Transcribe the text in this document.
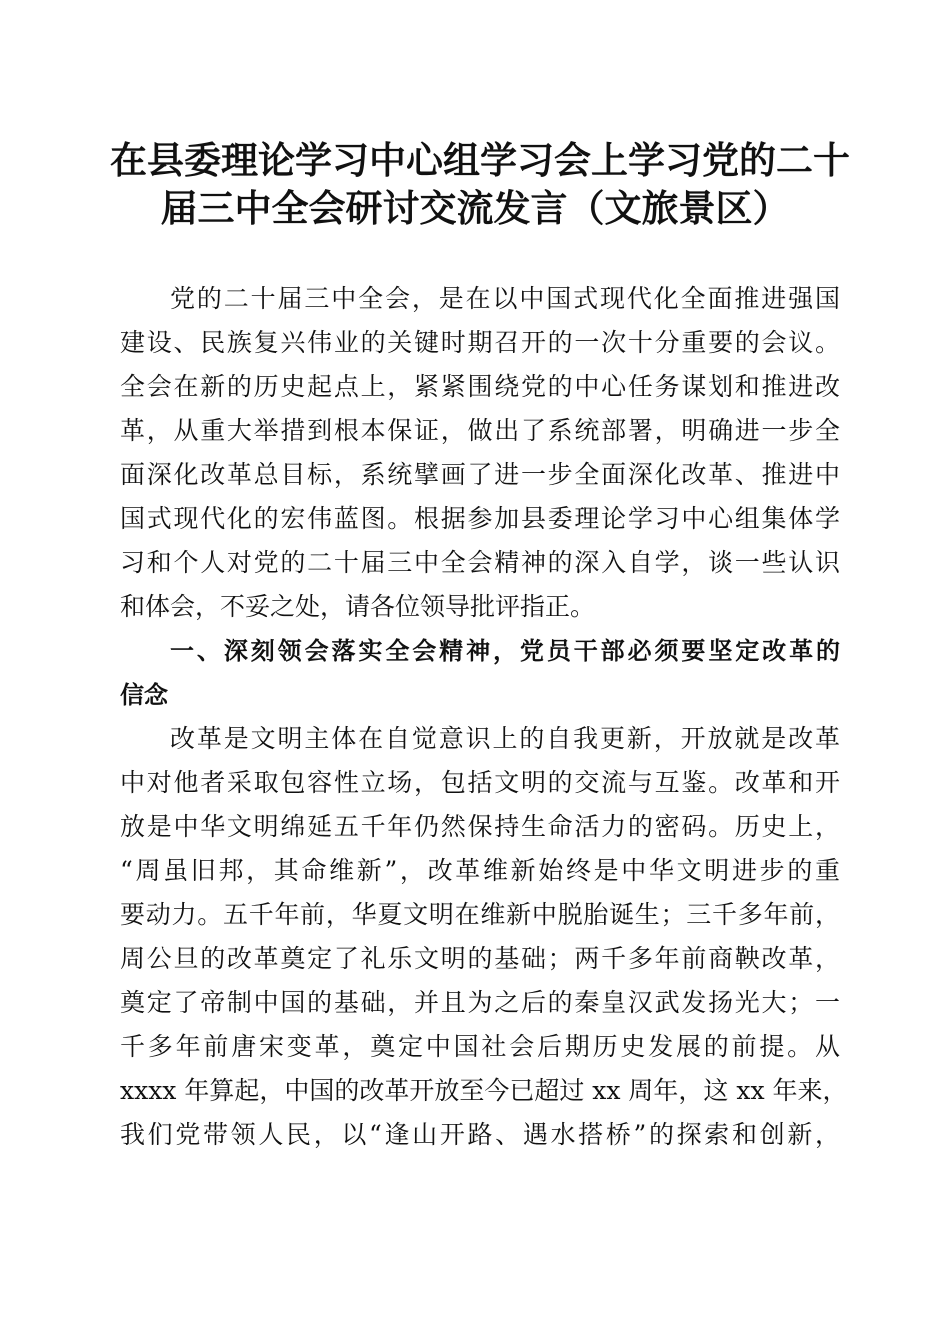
在县委理论学习中心组学习会上学习党的二十
届三中全会研讨交流发言（文旅景区）
党的二十届三中全会，是在以中国式现代化全面推进强国
建设、民族复兴伟业的关键时期召开的一次十分重要的会议。
全会在新的历史起点上，紧紧围绕党的中心任务谋划和推进改
革，从重大举措到根本保证，做出了系统部署，明确进一步全
面深化改革总目标，系统擘画了进一步全面深化改革、推进中
国式现代化的宏伟蓝图。根据参加县委理论学习中心组集体学
习和个人对党的二十届三中全会精神的深入自学，谈一些认识
和体会，不妥之处，请各位领导批评指正。
一、深刻领会落实全会精神，党员干部必须要坚定改革的
信念
改革是文明主体在自觉意识上的自我更新，开放就是改革
中对他者采取包容性立场，包括文明的交流与互鉴。改革和开
放是中华文明绵延五千年仍然保持生命活力的密码。历史上，
“周虽旧邦，其命维新”，改革维新始终是中华文明进步的重
要动力。五千年前，华夏文明在维新中脱胎诞生；三千多年前，
周公旦的改革奠定了礼乐文明的基础；两千多年前商鞅改革，
奠定了帝制中国的基础，并且为之后的秦皇汉武发扬光大；一
千多年前唐宋变革，奠定中国社会后期历史发展的前提。从
xxxx 年算起，中国的改革开放至今已超过 xx 周年，这 xx 年来，
我们党带领人民，以“逢山开路、遇水搭桥”的探索和创新，
